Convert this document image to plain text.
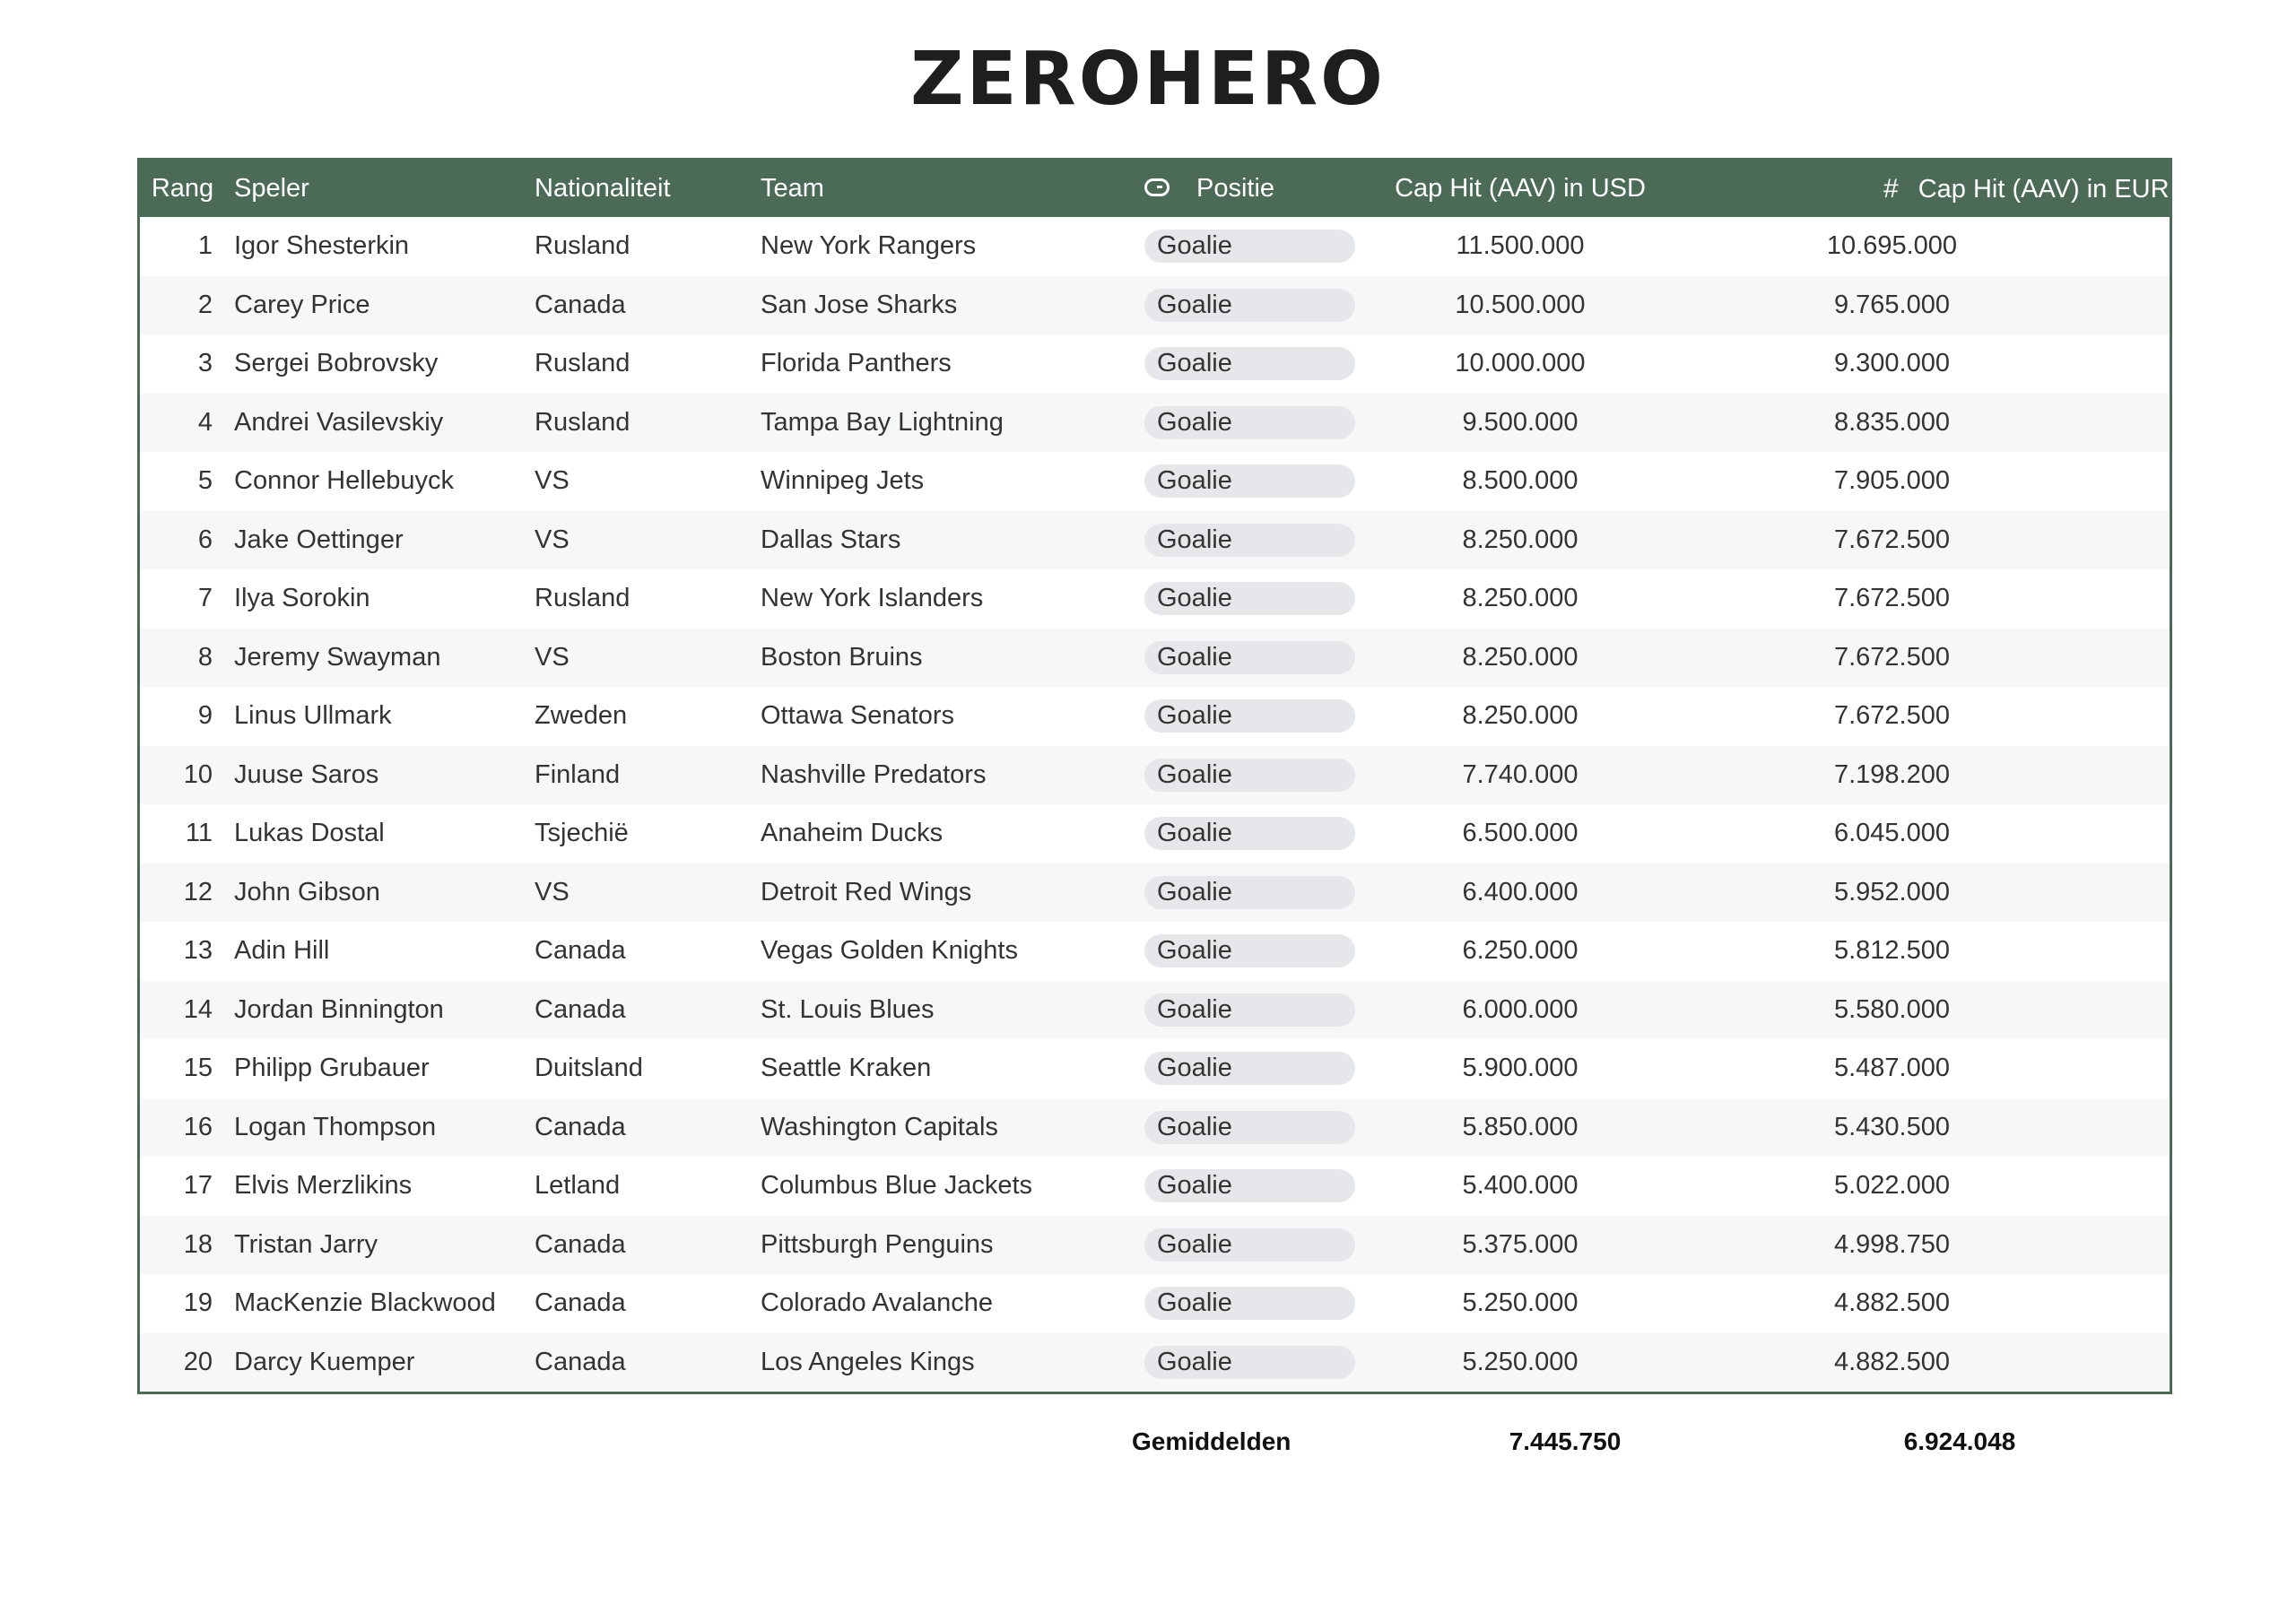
ZEROHERO
Rang	Speler	Nationaliteit	Team	Positie	Cap Hit (AAV) in USD	# Cap Hit (AAV) in EUR
1	Igor Shesterkin	Rusland	New York Rangers	Goalie	11.500.000	10.695.000
2	Carey Price	Canada	San Jose Sharks	Goalie	10.500.000	9.765.000
3	Sergei Bobrovsky	Rusland	Florida Panthers	Goalie	10.000.000	9.300.000
4	Andrei Vasilevskiy	Rusland	Tampa Bay Lightning	Goalie	9.500.000	8.835.000
5	Connor Hellebuyck	VS	Winnipeg Jets	Goalie	8.500.000	7.905.000
6	Jake Oettinger	VS	Dallas Stars	Goalie	8.250.000	7.672.500
7	Ilya Sorokin	Rusland	New York Islanders	Goalie	8.250.000	7.672.500
8	Jeremy Swayman	VS	Boston Bruins	Goalie	8.250.000	7.672.500
9	Linus Ullmark	Zweden	Ottawa Senators	Goalie	8.250.000	7.672.500
10	Juuse Saros	Finland	Nashville Predators	Goalie	7.740.000	7.198.200
11	Lukas Dostal	Tsjechië	Anaheim Ducks	Goalie	6.500.000	6.045.000
12	John Gibson	VS	Detroit Red Wings	Goalie	6.400.000	5.952.000
13	Adin Hill	Canada	Vegas Golden Knights	Goalie	6.250.000	5.812.500
14	Jordan Binnington	Canada	St. Louis Blues	Goalie	6.000.000	5.580.000
15	Philipp Grubauer	Duitsland	Seattle Kraken	Goalie	5.900.000	5.487.000
16	Logan Thompson	Canada	Washington Capitals	Goalie	5.850.000	5.430.500
17	Elvis Merzlikins	Letland	Columbus Blue Jackets	Goalie	5.400.000	5.022.000
18	Tristan Jarry	Canada	Pittsburgh Penguins	Goalie	5.375.000	4.998.750
19	MacKenzie Blackwood	Canada	Colorado Avalanche	Goalie	5.250.000	4.882.500
20	Darcy Kuemper	Canada	Los Angeles Kings	Goalie	5.250.000	4.882.500
Gemiddelden	7.445.750	6.924.048
